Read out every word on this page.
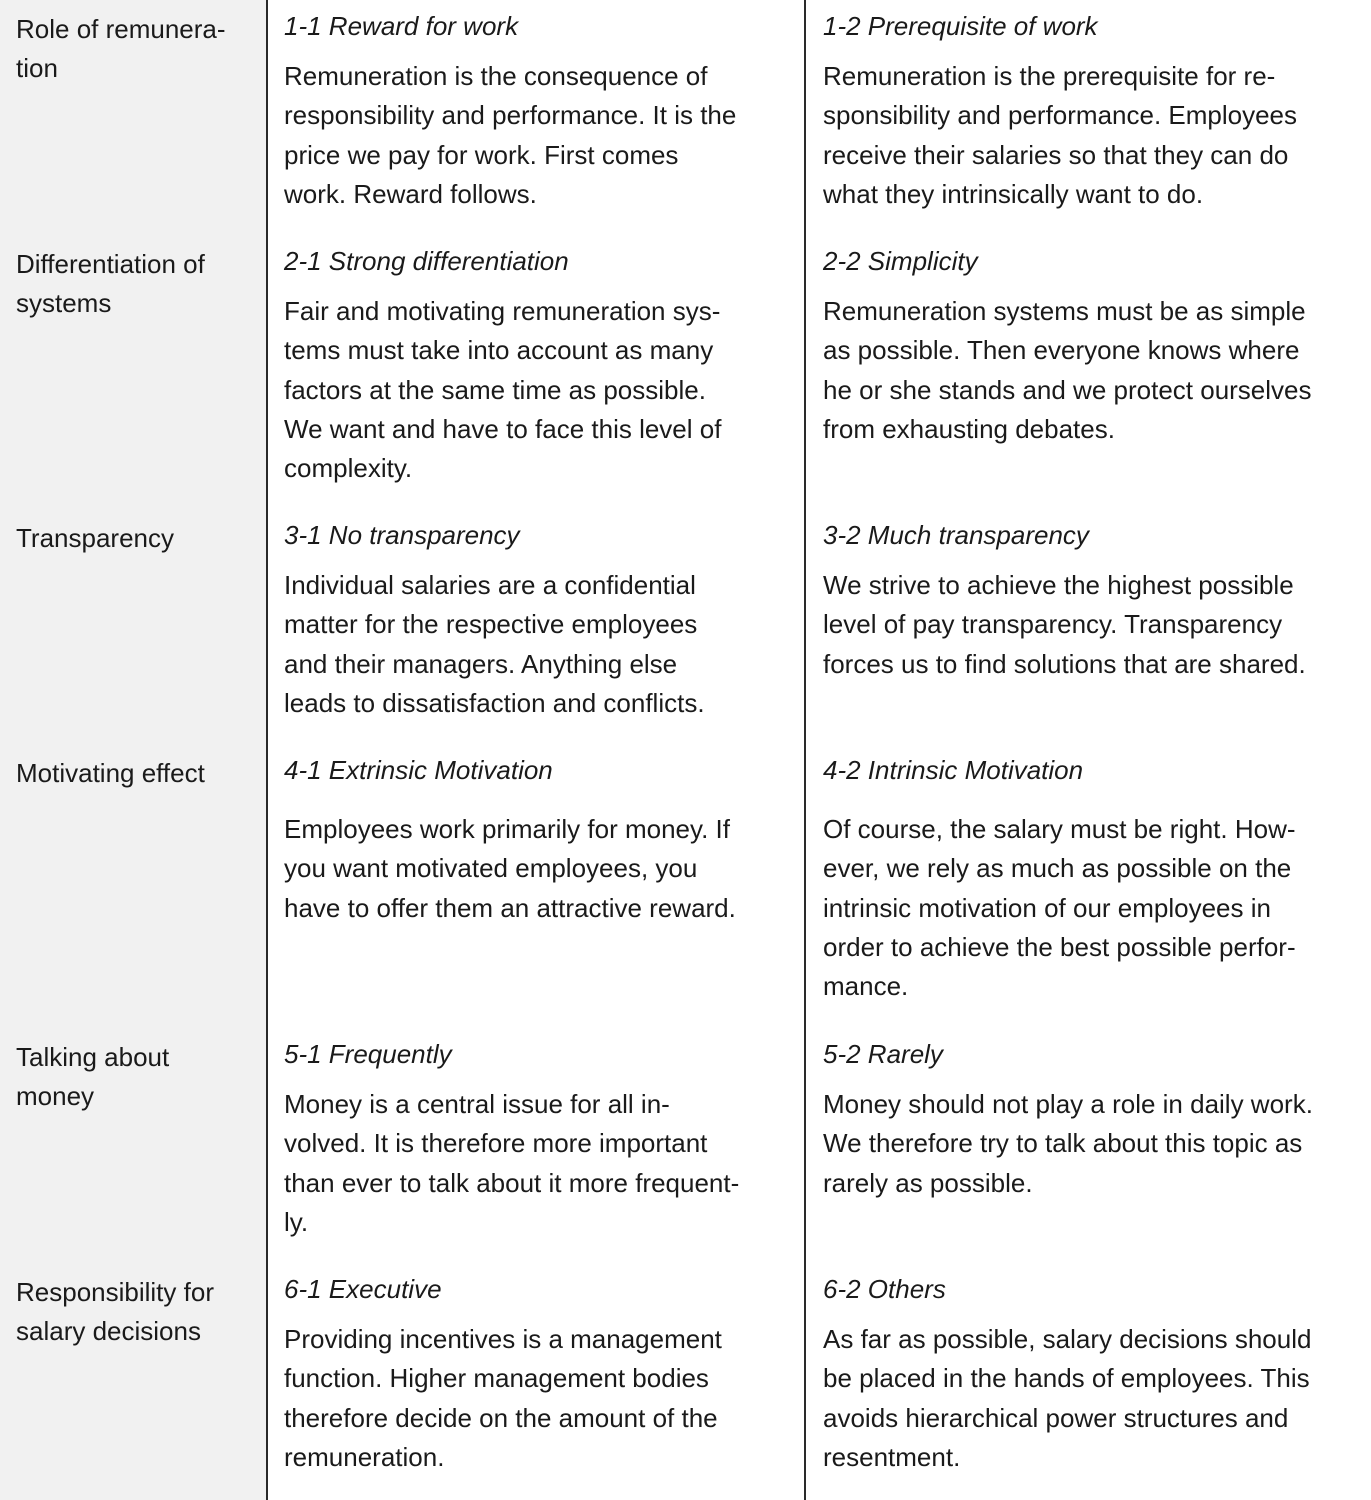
Role of remunera-
tion
1-1 Reward for work
Remuneration is the consequence of
responsibility and performance. It is the
price we pay for work. First comes
work. Reward follows.
1-2 Prerequisite of work
Remuneration is the prerequisite for re-
sponsibility and performance. Employees
receive their salaries so that they can do
what they intrinsically want to do.
Differentiation of
systems
2-1 Strong differentiation
Fair and motivating remuneration sys-
tems must take into account as many
factors at the same time as possible.
We want and have to face this level of
complexity.
2-2 Simplicity
Remuneration systems must be as simple
as possible. Then everyone knows where
he or she stands and we protect ourselves
from exhausting debates.
Transparency	3-1 No transparency
Individual salaries are a confidential
matter for the respective employees
and their managers. Anything else
leads to dissatisfaction and conflicts.
3-2 Much transparency
We strive to achieve the highest possible
level of pay transparency. Transparency
forces us to find solutions that are shared.
Motivating effect	4-1 Extrinsic Motivation
Employees work primarily for money. If
you want motivated employees, you
have to offer them an attractive reward.
4-2 Intrinsic Motivation
Of course, the salary must be right. How-
ever, we rely as much as possible on the
intrinsic motivation of our employees in
order to achieve the best possible perfor-
mance.
Talking about
money
5-1 Frequently
Money is a central issue for all in-
volved. It is therefore more important
than ever to talk about it more frequent-
ly.
5-2 Rarely
Money should not play a role in daily work.
We therefore try to talk about this topic as
rarely as possible.
Responsibility for
salary decisions
6-1 Executive
Providing incentives is a management
function. Higher management bodies
therefore decide on the amount of the
remuneration.
6-2 Others
As far as possible, salary decisions should
be placed in the hands of employees. This
avoids hierarchical power structures and
resentment.
